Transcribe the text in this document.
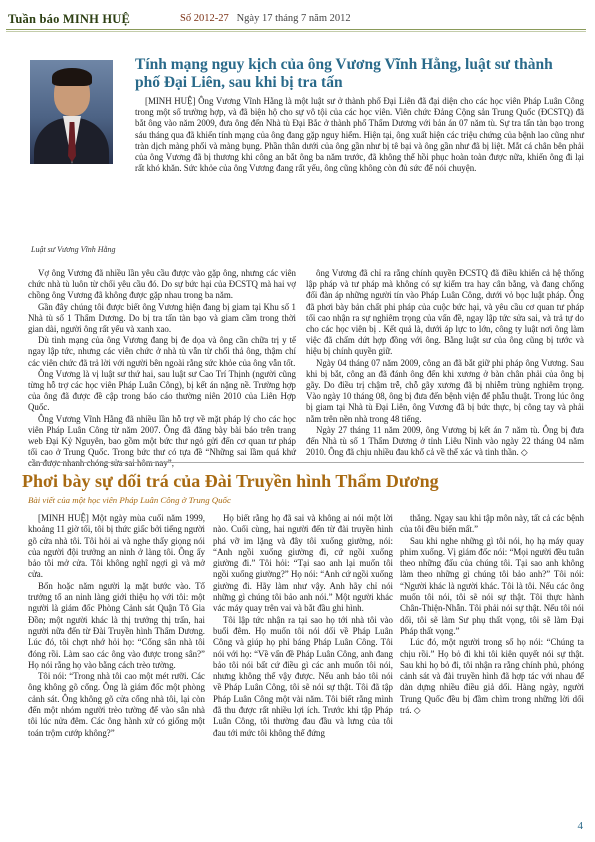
Tuần báo MINH HUỆ	Số 2012-27 Ngày 17 tháng 7 năm 2012
Luật sư Vương Vĩnh Hằng
Tính mạng nguy kịch của ông Vương Vĩnh Hằng, luật sư thành phố Đại Liên, sau khi bị tra tấn

[MINH HUỆ] Ông Vương Vĩnh Hằng là một luật sư ở thành phố Đại Liên đã đại diện cho các học viên Pháp Luân Công trong một số trường hợp, và đã biện hộ cho sự vô tội của các học viên. Viên chức Đảng Cộng sản Trung Quốc (ĐCSTQ) đã bắt ông vào năm 2009, đưa ông đến Nhà tù Đại Bắc ở thành phố Thẩm Dương với bản án 07 năm tù. Sự tra tấn tàn bạo trong sáu tháng qua đã khiến tính mạng của ông đang gặp nguy hiểm. Hiện tại, ông xuất hiện các triệu chứng của bệnh lao cũng như tràn dịch màng phổi và màng bụng. Phần thân dưới của ông gần như bị tê bại và ông gần như đã bị liệt. Mắt cá chân bên phải của ông Vương đã bị thương khi công an bắt ông ba năm trước, đã không thể hồi phục hoàn toàn được nữa, khiến ông đi lại rất khó khăn. Sức khỏe của ông Vương đang rất yếu, ông cũng không còn đủ sức để nói chuyện.

Vợ ông Vương đã nhiều lần yêu cầu được vào gặp ông, nhưng các viên chức nhà tù luôn từ chối yêu cầu đó. Do sự bức hại của ĐCSTQ mà hai vợ chồng ông Vương đã không được gặp nhau trong ba năm.

Gần đây chúng tôi được biết ông Vương hiện đang bị giam tại Khu số 1 Nhà tù số 1 Thẩm Dương. Do bị tra tấn tàn bạo và giam cầm trong thời gian dài, người ông rất yếu và xanh xao.

Dù tình mạng của ông Vương đang bị đe dọa và ông cần chữa trị y tế ngay lập tức, nhưng các viên chức ở nhà tù vẫn từ chối thả ông, thậm chí các viên chức đã trả lời với người bên ngoài rằng sức khỏe của ông vẫn tốt.

Ông Vương là vị luật sư thứ hai, sau luật sư Cao Trí Thịnh (người cũng từng hỗ trợ các học viên Pháp Luân Công), bị kết án nặng nề. Trường hợp của ông đã được đề cập trong báo cáo thường niên 2010 của Liên Hợp Quốc.

Ông Vương Vĩnh Hằng đã nhiều lần hỗ trợ về mặt pháp lý cho các học viên Pháp Luân Công từ năm 2007. Ông đã đăng bày bài báo trên trang web Đại Kỷ Nguyên, bao gồm một bức thư ngỏ gửi đến cơ quan tư pháp tối cao ở Trung Quốc. Trong bức thư có tựa đề “Những sai lầm quá khứ cần được nhanh chóng sửa sai hôm nay”,

ông Vương đã chỉ ra rằng chính quyền ĐCSTQ đã điều khiển cả hệ thống lập pháp và tư pháp mà không có sự kiểm tra hay cân bằng, và đang chống đối đàn áp những người tín vào Pháp Luân Công, dưới vỏ bọc luật pháp. Ông đã phơi bày bản chất phi pháp của cuộc bức hại, và yêu cầu cơ quan tư pháp tối cao nhận ra sự nghiêm trọng của vấn đề, ngay lập tức sửa sai, và trả tự do cho các học viên bị . Kết quả là, dưới áp lực to lớn, công ty luật nơi ông làm việc đã chấm dứt hợp đồng với ông. Bằng luật sư của ông cũng bị tước và hiệu bị chính quyền giữ.

Ngày 04 tháng 07 năm 2009, công an đã bắt giữ phi pháp ông Vương. Sau khi bị bắt, công an đã đánh ông đến khi xương ở bàn chân phải của ông bị gãy. Do điều trị chậm trễ, chỗ gãy xương đã bị nhiễm trùng nghiêm trọng. Vào ngày 10 tháng 08, ông bị đưa đến bệnh viện để phẫu thuật. Trong lúc ông bị giam tại Nhà tù Đại Liên, ông Vương đã bị bức thực, bị công tay và phải nằm trên nền nhà trong 48 tiếng.

Ngày 27 tháng 11 năm 2009, ông Vương bị kết án 7 năm tù. Ông bị đưa đến Nhà tù số 1 Thẩm Dương ở tỉnh Liêu Ninh vào ngày 22 tháng 04 năm 2010. Ông đã chịu nhiều đau khổ cả về thể xác và tinh thần. ◇

Phơi bày sự dối trá của Đài Truyền hình Thẩm Dương
Bài viết của một học viên Pháp Luân Công ở Trung Quốc

[MINH HUỆ] Một ngày mùa cuối năm 1999, khoảng 11 giờ tối, tôi bị thức giấc bởi tiếng người gõ cửa nhà tôi. Tôi hỏi ai và nghe thấy giọng nói của người đội trưởng an ninh ở làng tôi. Ông ấy bảo tôi mở cửa. Tôi không nghĩ ngợi gì và mở cửa.

Bốn hoặc năm người lạ mặt bước vào. Tổ trưởng tổ an ninh làng giới thiệu họ với tôi: một người là giám đốc Phòng Cảnh sát Quận Tô Gia Đồn; một người khác là thị trưởng thị trấn, hai người nữa đến từ Đài Truyền hình Thẩm Dương. Lúc đó, tôi chợt nhớ hỏi họ: “Cổng sân nhà tôi đóng rồi. Làm sao các ông vào được trong sân?” Họ nói rằng họ vào bằng cách trèo tường.

Tôi nói: “Trong nhà tôi cao một mét rưỡi. Các ông không gõ cổng. Ông là giám đốc một phòng cảnh sát. Ông không gõ cửa cổng nhà tôi, lại còn đến một nhóm người trèo tường để vào sân nhà tôi lúc nửa đêm. Các ông hành xử có giống một toán trộm cướp không?”

Họ biết rằng họ đã sai và không ai nói một lời nào. Cuối cùng, hai người đến từ đài truyền hình phá vỡ im lặng và đây tôi xuống giường, nói: “Anh ngồi xuống giường đi, cứ ngồi xuống giường đi.” Tôi hỏi: “Tại sao anh lại muốn tôi ngồi xuống giường?” Họ nói: “Anh cứ ngồi xuống giường đi. Hãy làm như vậy. Anh hãy chỉ nói những gì chúng tôi bảo anh nói.” Một người khác vác máy quay trên vai và bắt đầu ghi hình.

Tôi lập tức nhận ra tại sao họ tới nhà tôi vào buổi đêm. Họ muốn tôi nói dối về Pháp Luân Công và giúp họ phỉ báng Pháp Luân Công. Tôi nói với họ: “Về vấn đề Pháp Luân Công, anh đang bảo tôi nói bất cứ điều gì các anh muốn tôi nói, nhưng không thể vậy được. Nếu anh bảo tôi nói về Pháp Luân Công, tôi sẽ nói sự thật. Tôi đã tập Pháp Luân Công một vài năm. Tôi biết rằng mình đã thu được rất nhiều lợi ích. Trước khi tập Pháp Luân Công, tôi thường đau đầu và lưng của tôi đau tới mức tôi không thể đứng

thẳng. Ngay sau khi tập môn này, tất cả các bệnh của tôi đều biến mất.”

Sau khi nghe những gì tôi nói, họ hạ máy quay phim xuống. Vị giám đốc nói: “Mọi người đều tuân theo những đấu của chúng tôi. Tại sao anh không làm theo những gì chúng tôi bảo anh?” Tôi nói: “Người khác là người khác. Tôi là tôi. Nếu các ông muốn tôi nói, tôi sẽ nói sự thật. Tôi thực hành Chân-Thiện-Nhẫn. Tôi phải nói sự thật. Nếu tôi nói dối, tôi sẽ làm Sư phụ thất vọng, tôi sẽ làm Đại Pháp thất vọng.”

Lúc đó, một người trong số họ nói: “Chúng ta chịu rồi.” Họ bỏ đi khi tôi kiên quyết nói sự thật. Sau khi họ bỏ đi, tôi nhận ra rằng chính phủ, phóng cảnh sát và đài truyền hình đã hợp tác với nhau để dàn dựng nhiều điều giả dối. Hàng ngày, người Trung Quốc đều bị đầm chìm trong những lời dối trá. ◇

4
